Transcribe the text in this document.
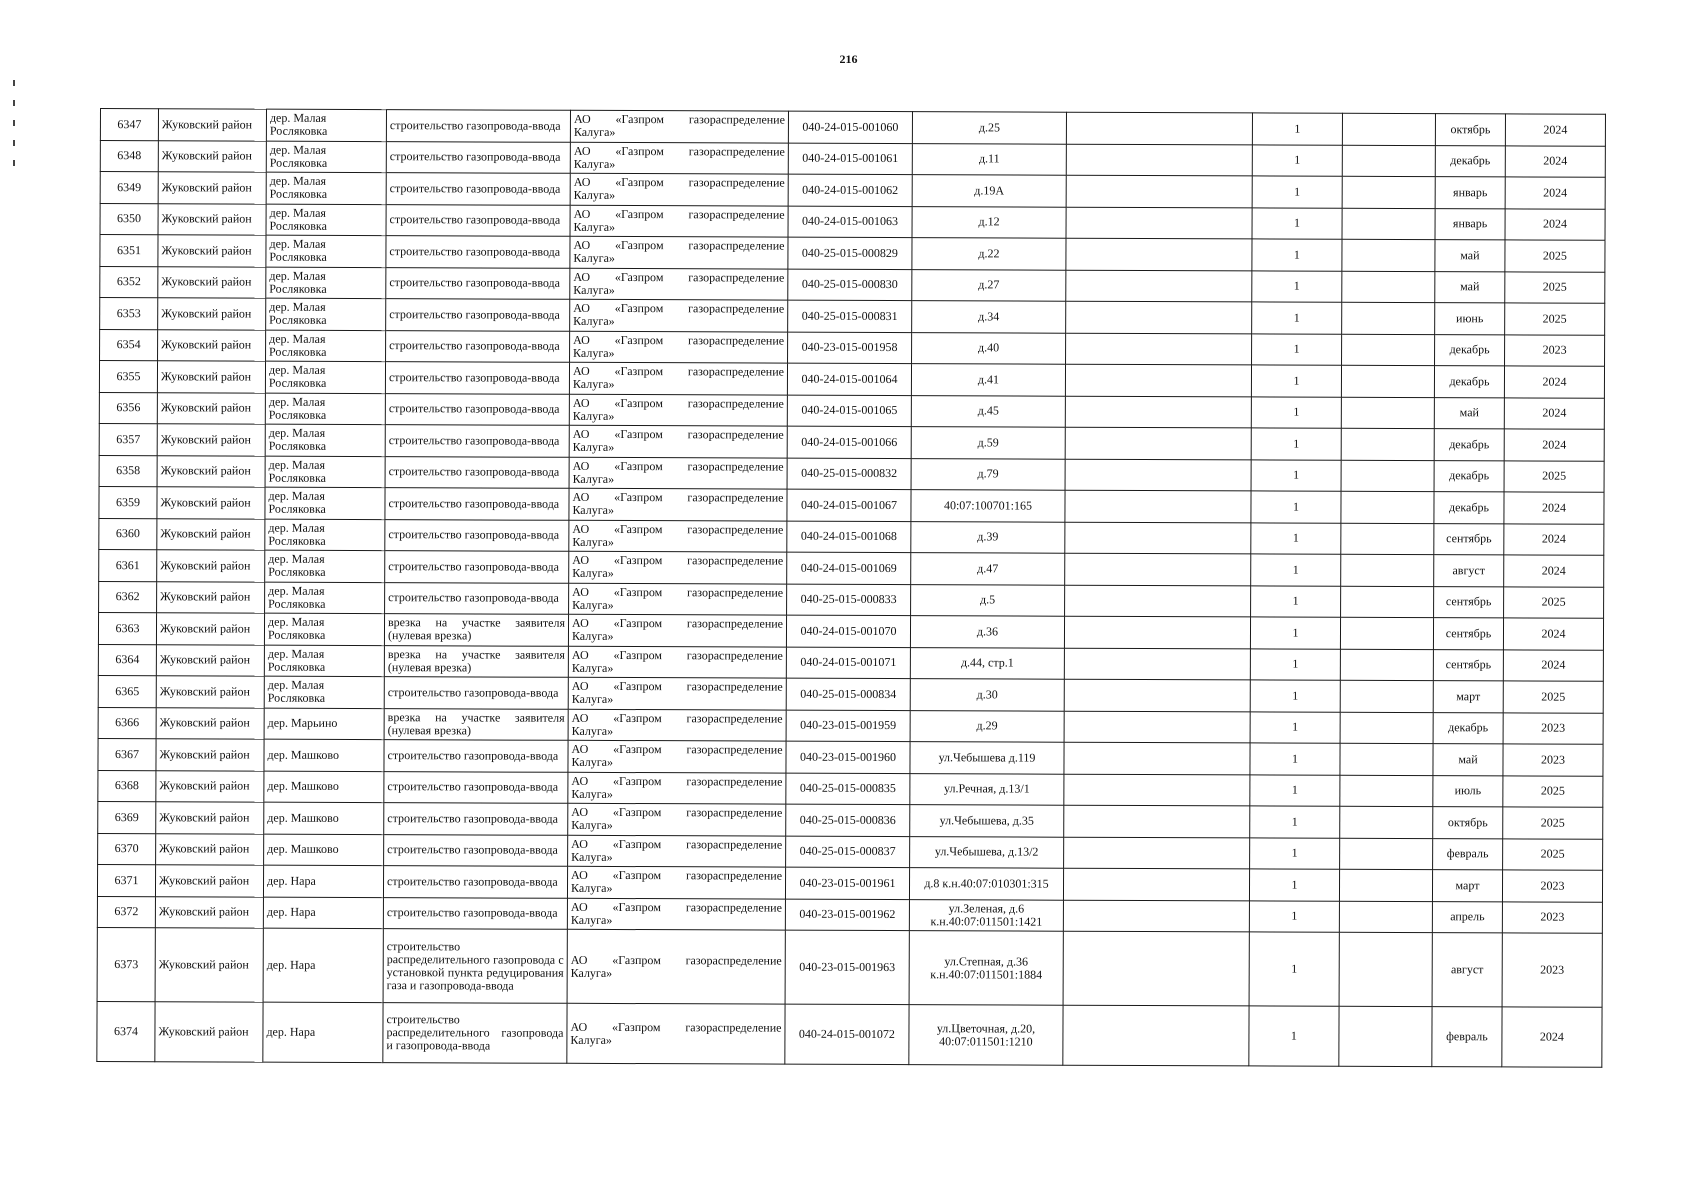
216
6347	Жуковский район	дер. Малая Росляковка	строительство газопровода-ввода	АО «Газпром газораспределение Калуга»	040-24-015-001060	д.25		1		октябрь	2024
6348	Жуковский район	дер. Малая Росляковка	строительство газопровода-ввода	АО «Газпром газораспределение Калуга»	040-24-015-001061	д.11		1		декабрь	2024
6349	Жуковский район	дер. Малая Росляковка	строительство газопровода-ввода	АО «Газпром газораспределение Калуга»	040-24-015-001062	д.19А		1		январь	2024
6350	Жуковский район	дер. Малая Росляковка	строительство газопровода-ввода	АО «Газпром газораспределение Калуга»	040-24-015-001063	д.12		1		январь	2024
6351	Жуковский район	дер. Малая Росляковка	строительство газопровода-ввода	АО «Газпром газораспределение Калуга»	040-25-015-000829	д.22		1		май	2025
6352	Жуковский район	дер. Малая Росляковка	строительство газопровода-ввода	АО «Газпром газораспределение Калуга»	040-25-015-000830	д.27		1		май	2025
6353	Жуковский район	дер. Малая Росляковка	строительство газопровода-ввода	АО «Газпром газораспределение Калуга»	040-25-015-000831	д.34		1		июнь	2025
6354	Жуковский район	дер. Малая Росляковка	строительство газопровода-ввода	АО «Газпром газораспределение Калуга»	040-23-015-001958	д.40		1		декабрь	2023
6355	Жуковский район	дер. Малая Росляковка	строительство газопровода-ввода	АО «Газпром газораспределение Калуга»	040-24-015-001064	д.41		1		декабрь	2024
6356	Жуковский район	дер. Малая Росляковка	строительство газопровода-ввода	АО «Газпром газораспределение Калуга»	040-24-015-001065	д.45		1		май	2024
6357	Жуковский район	дер. Малая Росляковка	строительство газопровода-ввода	АО «Газпром газораспределение Калуга»	040-24-015-001066	д.59		1		декабрь	2024
6358	Жуковский район	дер. Малая Росляковка	строительство газопровода-ввода	АО «Газпром газораспределение Калуга»	040-25-015-000832	д.79		1		декабрь	2025
6359	Жуковский район	дер. Малая Росляковка	строительство газопровода-ввода	АО «Газпром газораспределение Калуга»	040-24-015-001067	40:07:100701:165		1		декабрь	2024
6360	Жуковский район	дер. Малая Росляковка	строительство газопровода-ввода	АО «Газпром газораспределение Калуга»	040-24-015-001068	д.39		1		сентябрь	2024
6361	Жуковский район	дер. Малая Росляковка	строительство газопровода-ввода	АО «Газпром газораспределение Калуга»	040-24-015-001069	д.47		1		август	2024
6362	Жуковский район	дер. Малая Росляковка	строительство газопровода-ввода	АО «Газпром газораспределение Калуга»	040-25-015-000833	д.5		1		сентябрь	2025
6363	Жуковский район	дер. Малая Росляковка	врезка на участке заявителя (нулевая врезка)	АО «Газпром газораспределение Калуга»	040-24-015-001070	д.36		1		сентябрь	2024
6364	Жуковский район	дер. Малая Росляковка	врезка на участке заявителя (нулевая врезка)	АО «Газпром газораспределение Калуга»	040-24-015-001071	д.44, стр.1		1		сентябрь	2024
6365	Жуковский район	дер. Малая Росляковка	строительство газопровода-ввода	АО «Газпром газораспределение Калуга»	040-25-015-000834	д.30		1		март	2025
6366	Жуковский район	дер. Марьино	врезка на участке заявителя (нулевая врезка)	АО «Газпром газораспределение Калуга»	040-23-015-001959	д.29		1		декабрь	2023
6367	Жуковский район	дер. Машково	строительство газопровода-ввода	АО «Газпром газораспределение Калуга»	040-23-015-001960	ул.Чебышева д.119		1		май	2023
6368	Жуковский район	дер. Машково	строительство газопровода-ввода	АО «Газпром газораспределение Калуга»	040-25-015-000835	ул.Речная, д.13/1		1		июль	2025
6369	Жуковский район	дер. Машково	строительство газопровода-ввода	АО «Газпром газораспределение Калуга»	040-25-015-000836	ул.Чебышева, д.35		1		октябрь	2025
6370	Жуковский район	дер. Машково	строительство газопровода-ввода	АО «Газпром газораспределение Калуга»	040-25-015-000837	ул.Чебышева, д.13/2		1		февраль	2025
6371	Жуковский район	дер. Нара	строительство газопровода-ввода	АО «Газпром газораспределение Калуга»	040-23-015-001961	д.8 к.н.40:07:010301:315		1		март	2023
6372	Жуковский район	дер. Нара	строительство газопровода-ввода	АО «Газпром газораспределение Калуга»	040-23-015-001962	ул.Зеленая, д.6 к.н.40:07:011501:1421		1		апрель	2023
6373	Жуковский район	дер. Нара	строительство распределительного газопровода с установкой пункта редуцирования газа и газопровода-ввода	АО «Газпром газораспределение Калуга»	040-23-015-001963	ул.Степная, д.36 к.н.40:07:011501:1884		1		август	2023
6374	Жуковский район	дер. Нара	строительство распределительного газопровода и газопровода-ввода	АО «Газпром газораспределение Калуга»	040-24-015-001072	ул.Цветочная, д.20, 40:07:011501:1210		1		февраль	2024
